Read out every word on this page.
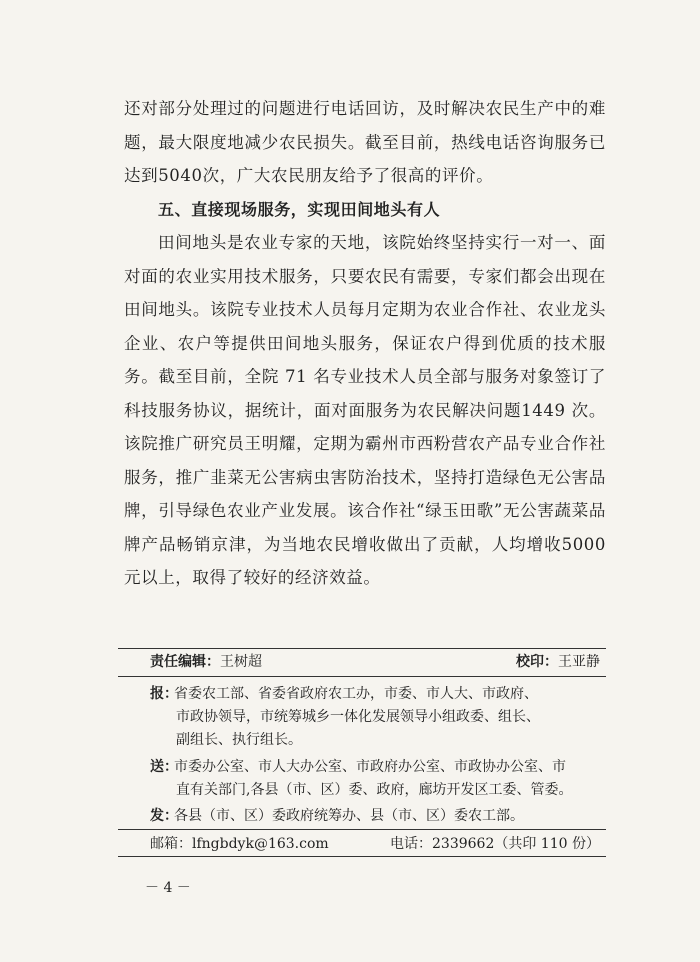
还对部分处理过的问题进行电话回访，及时解决农民生产中的难题，最大限度地减少农民损失。截至目前，热线电话咨询服务已达到5040次，广大农民朋友给予了很高的评价。

五、直接现场服务，实现田间地头有人

田间地头是农业专家的天地，该院始终坚持实行一对一、面对面的农业实用技术服务，只要农民有需要，专家们都会出现在田间地头。该院专业技术人员每月定期为农业合作社、农业龙头企业、农户等提供田间地头服务，保证农户得到优质的技术服务。截至目前，全院 71 名专业技术人员全部与服务对象签订了科技服务协议，据统计，面对面服务为农民解决问题1449 次。该院推广研究员王明耀，定期为霸州市西粉营农产品专业合作社服务，推广韭菜无公害病虫害防治技术，坚持打造绿色无公害品牌，引导绿色农业产业发展。该合作社“绿玉田歌”无公害蔬菜品牌产品畅销京津，为当地农民增收做出了贡献，人均增收5000元以上，取得了较好的经济效益。

责任编辑：王树超	校印：王亚静
报：省委农工部、省委省政府农工办，市委、市人大、市政府、
市政协领导，市统筹城乡一体化发展领导小组政委、组长、
副组长、执行组长。
送：市委办公室、市人大办公室、市政府办公室、市政协办公室、市
直有关部门,各县（市、区）委、政府，廊坊开发区工委、管委。
发：各县（市、区）委政府统筹办、县（市、区）委农工部。
邮箱：lfngbdyk@163.com	电话：2339662（共印 110 份）
－ 4 －
